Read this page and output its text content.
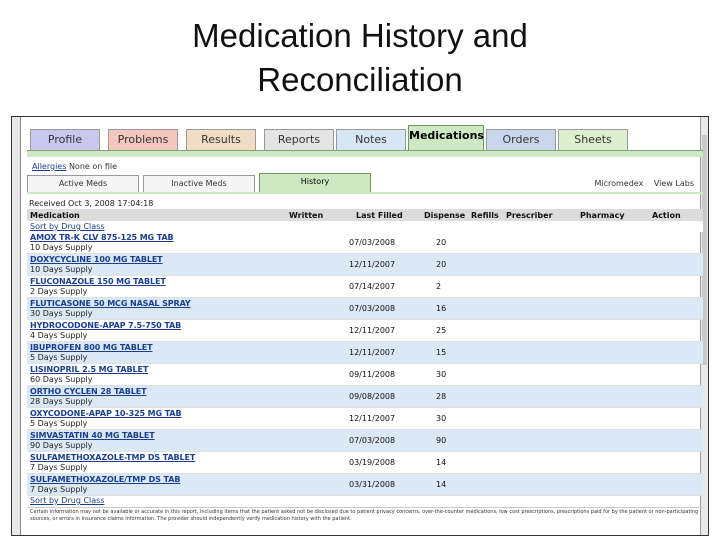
Medication History and
Reconciliation
Profile	Problems	Results	Reports	Notes	Medications	Orders	Sheets
Allergies None on file
Active Meds	Inactive Meds	History	Micromedex View Labs
Received Oct 3, 2008 17:04:18
Medication	Written	Last Filled	Dispense Refills Prescriber	Pharmacy	Action
Sort by Drug Class
AMOX TR-K CLV 875-125 MG TAB
10 Days Supply
07/03/2008	20
DOXYCYCLINE 100 MG TABLET
10 Days Supply
12/11/2007	20
FLUCONAZOLE 150 MG TABLET
2 Days Supply
07/14/2007	2
FLUTICASONE 50 MCG NASAL SPRAY
30 Days Supply
07/03/2008	16
HYDROCODONE-APAP 7.5-750 TAB
4 Days Supply
12/11/2007	25
IBUPROFEN 800 MG TABLET
5 Days Supply
12/11/2007	15
LISINOPRIL 2.5 MG TABLET
60 Days Supply
09/11/2008	30
ORTHO CYCLEN 28 TABLET
28 Days Supply
09/08/2008	28
OXYCODONE-APAP 10-325 MG TAB
5 Days Supply
12/11/2007	30
SIMVASTATIN 40 MG TABLET
90 Days Supply
07/03/2008	90
SULFAMETHOXAZOLE-TMP DS TABLET
7 Days Supply
03/19/2008	14
SULFAMETHOXAZOLE/TMP DS TAB
7 Days Supply
03/31/2008	14
Sort by Drug Class
Certain information may not be available or accurate in this report, including items that the patient asked not be disclosed due to patient privacy concerns, over-the-counter medications, low cost prescriptions, prescriptions paid for by the patient or non-participating sources, or errors in insurance claims information. The provider should independently verify medication history with the patient.
